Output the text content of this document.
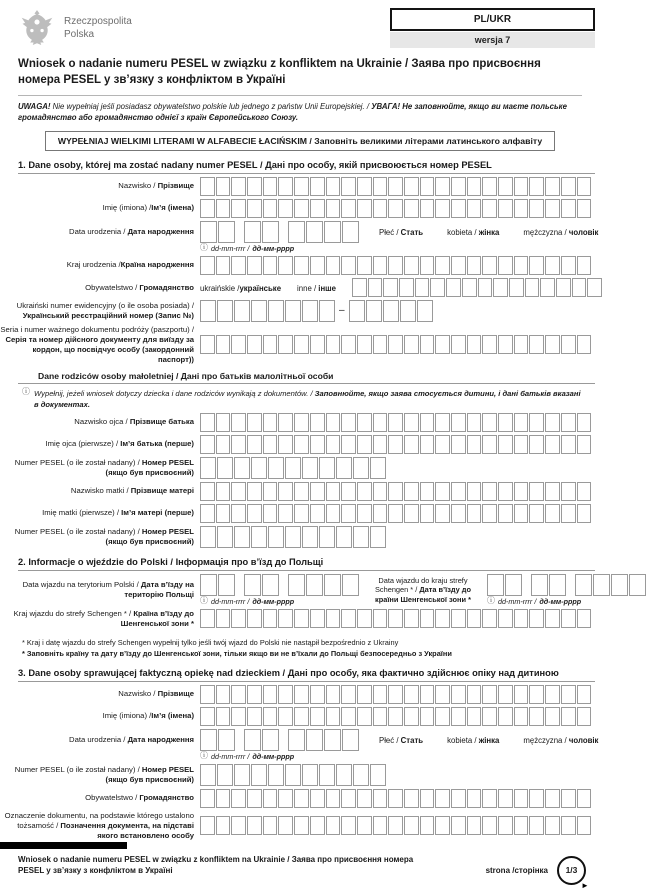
Rzeczpospolita
Polska
PL/UKR
wersja 7
Wniosek o nadanie numeru PESEL w związku z konfliktem na Ukrainie / Заява про присвоєння номера PESEL у зв’язку з конфліктом в Україні
UWAGA! Nie wypełniaj jeśli posiadasz obywatelstwo polskie lub jednego z państw Unii Europejskiej. / УВАГА! Не заповнюйте, якщо ви маєте польське громадянство або громадянство однієї з країн Європейського Союзу.
WYPEŁNIAJ WIELKIMI LITERAMI W ALFABECIE ŁACIŃSKIM / Заповніть великими літерами латинського алфавіту
1. Dane osoby, której ma zostać nadany numer PESEL / Дані про особу, якій присвоюється номер PESEL
Nazwisko / Прізвище
Imię (imiona) /Ім’я (імена)
Data urodzenia / Дата народження
ⓘ dd-mm-rrrr / дд-мм-рррр
Płeć / Стать	kobieta / жінка	mężczyzna / чоловік
Kraj urodzenia /Країна народження
Obywatelstwo / Громадянство ukraińskie /українське inne / інше
Ukraiński numer ewidencyjny (o ile osoba posiada) / Український реєстраційний номер (Запис №)	–
Seria i numer ważnego dokumentu podróży (paszportu) /Серія та номер дійсного документу для виїзду за кордон, що посвідчує особу (закордонний паспорт))
Dane rodziców osoby małoletniej / Дані про батьків малолітньої особи
ⓘ Wypełnij, jeżeli wniosek dotyczy dziecka i dane rodziców wynikają z dokumentów. / Заповнюйте, якщо заява стосується дитини, і дані батьків вказані в документах.
Nazwisko ojca / Прізвище батька
Imię ojca (pierwsze) / Ім’я батька (перше)
Numer PESEL (o ile został nadany) / Номер PESEL (якщо був присвоєний)
Nazwisko matki / Прізвище матері
Imię matki (pierwsze) / Ім’я матері (перше)
Numer PESEL (o ile został nadany) / Номер PESEL (якщо був присвоєний)
2. Informacje o wjeździe do Polski / Інформація про в’їзд до Польщі
Data wjazdu na terytorium Polski / Дата в’їзду на територію Польщі
ⓘ dd-mm-rrrr / дд-мм-рррр
Data wjazdu do kraju strefy Schengen * / Дата в’їзду до країни Шенгенської зони *	ⓘ dd-mm-rrrr / дд-мм-рррр
Kraj wjazdu do strefy Schengen * / Країна в’їзду до Шенгенської зони *
* Kraj i datę wjazdu do strefy Schengen wypełnij tylko jeśli twój wjazd do Polski nie nastąpił bezpośrednio z Ukrainy
* Заповніть країну та дату в’їзду до Шенгенської зони, тільки якщо ви не в’їхали до Польщі безпосередньо з України
3. Dane osoby sprawującej faktyczną opiekę nad dzieckiem / Дані про особу, яка фактично здійснює опіку над дитиною
Nazwisko / Прізвище
Imię (imiona) /Ім’я (імена)
Data urodzenia / Дата народження
ⓘ dd-mm-rrrr / дд-мм-рррр
Płeć / Стать	kobieta / жінка	mężczyzna / чоловік
Numer PESEL (o ile został nadany) / Номер PESEL (якщо був присвоєний)
Obywatelstwo / Громадянство
Oznaczenie dokumentu, na podstawie którego ustalono tożsamość / Позначення документа, на підставі якого встановлено особу
Wniosek o nadanie numeru PESEL w związku z konfliktem na Ukrainie / Заява про присвоєння номера PESEL у зв’язку з конфліктом в Україні	strona /сторінка	1/3
►
